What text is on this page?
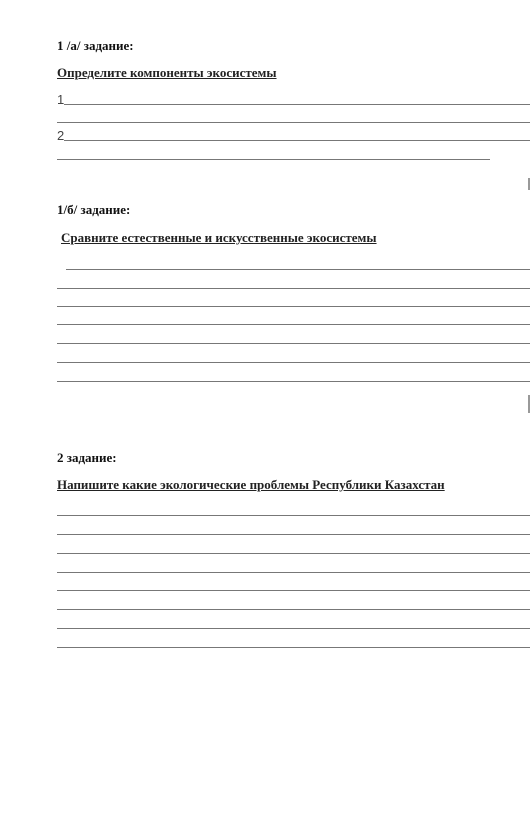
1 /а/ задание:
Определите компоненты экосистемы
1
2
1/б/ задание:
Сравните естественные и искусственные экосистемы
2 задание:
Напишите какие экологические проблемы Республики Казахстан
